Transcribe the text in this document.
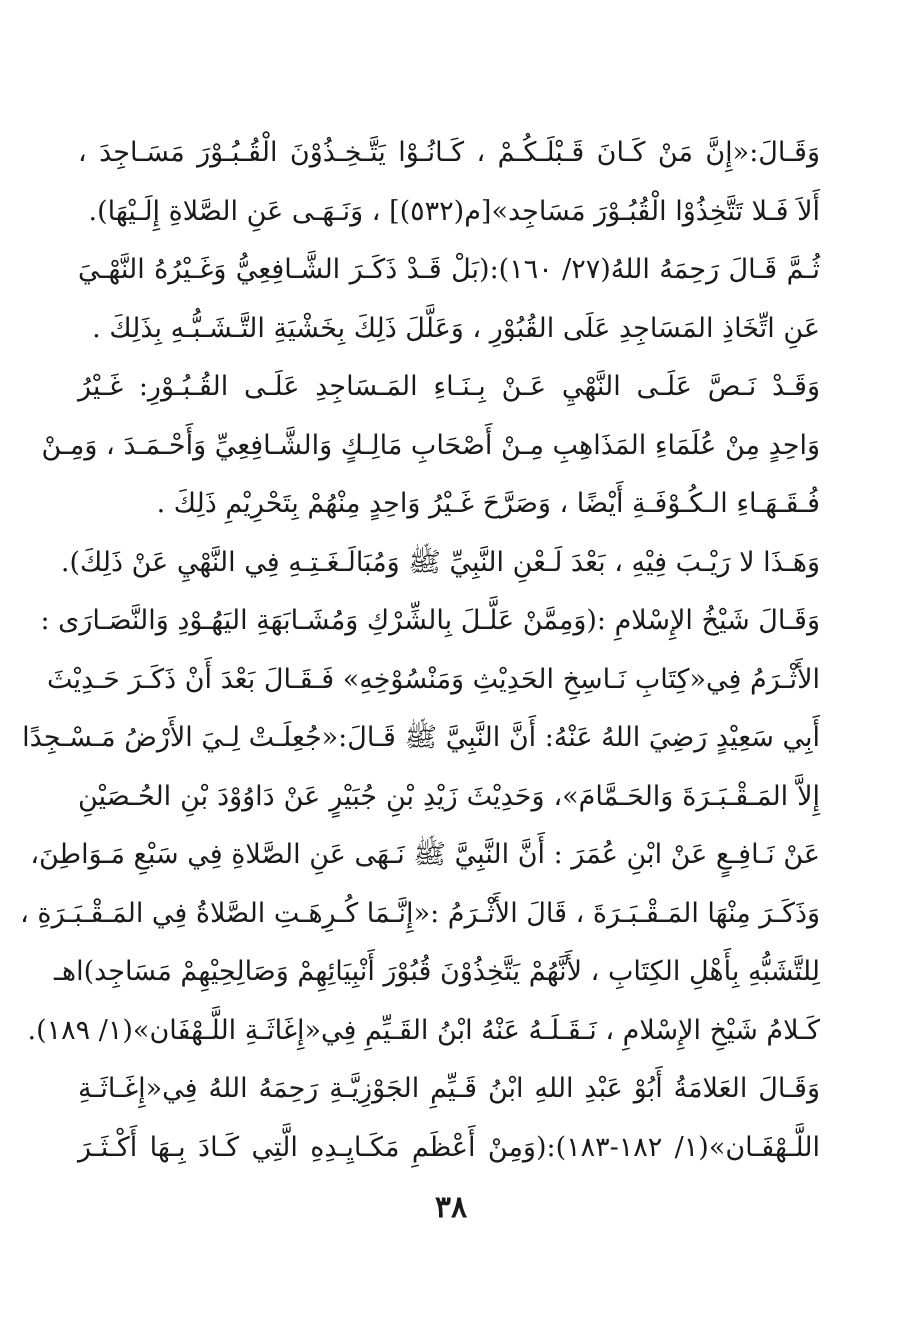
وَقَـالَ:«إِنَّ مَنْ كَـانَ قَـبْلَـكُـمْ ، كَـانُـوْا يَتَّـخِـذُوْنَ الْقُـبُـوْرَ مَسَـاجِدَ ،
أَلاَ فَـلا تَتَّخِذُوْا الْقُبُـوْرَ مَسَاجِد»[م(٥٣٢)] ، وَنَـهَـى عَنِ الصَّلاةِ إِلَـيْهَا).
ثُـمَّ قَـالَ رَحِمَهُ اللهُ(٢٧/ ١٦٠):(بَلْ قَـدْ ذَكَـرَ الشَّـافِعِيُّ وَغَـيْرُهُ النَّهْـيَ
عَنِ اتِّخَاذِ المَسَاجِدِ عَلَى القُبُوْرِ ، وَعَلَّلَ ذَلِكَ بِخَشْيَةِ التَّـشَـبُّـهِ بِذَلِكَ .
وَقَـدْ نَـصَّ عَلَـى النَّهْيِ عَـنْ بِـنَـاءِ المَـسَاجِدِ عَلَـى القُـبُـوْرِ: غَـيْرُ
وَاحِدٍ مِنْ عُلَمَاءِ المَذَاهِبِ مِـنْ أَصْحَابِ مَالِـكٍ وَالشَّـافِعِيِّ وَأَحْـمَـدَ ، وَمِـنْ
فُـقَـهَـاءِ الـكُـوْفَـةِ أَيْضًا ، وَصَرَّحَ غَـيْرُ وَاحِدٍ مِنْهُمْ بِتَحْرِيْمِ ذَلِكَ .
وَهَـذَا لا رَيْـبَ فِيْهِ ، بَعْدَ لَـعْنِ النَّبِيِّ ﷺ وَمُبَالَـغَـتِـهِ فِي النَّهْيِ عَنْ ذَلِكَ).
وَقَـالَ شَيْخُ الإِسْلامِ :(وَمِمَّنْ عَلَّـلَ بِالشِّرْكِ وَمُشَـابَهَةِ اليَهُـوْدِ وَالنَّصَـارَى :
الأَثْـرَمُ فِي«كِتَابِ نَـاسِخِ الحَدِيْثِ وَمَنْسُوْخِهِ» فَـقَـالَ بَعْدَ أَنْ ذَكَـرَ حَـدِيْثَ
أَبِي سَعِيْدٍ رَضِيَ اللهُ عَنْهُ: أَنَّ النَّبِيَّ ﷺ قَـالَ:«جُعِلَـتْ لِـيَ الأَرْضُ مَـسْـجِدًا
إِلاَّ المَـقْـبَـرَةَ وَالحَـمَّامَ»، وَحَدِيْثَ زَيْدِ بْنِ جُبَيْرٍ عَنْ دَاوُوْدَ بْنِ الحُـصَيْنِ
عَنْ نَـافِـعٍ عَنْ ابْنِ عُمَرَ : أَنَّ النَّبِيَّ ﷺ نَـهَى عَنِ الصَّلاةِ فِي سَبْعِ مَـوَاطِنَ،
وَذَكَـرَ مِنْهَا المَـقْـبَـرَةَ ، قَالَ الأَثْـرَمُ :«إِنَّـمَا كُـرِهَـتِ الصَّلاةُ فِي المَـقْـبَـرَةِ ،
لِلتَّشَبُّهِ بِأَهْلِ الكِتَابِ ، لأَنَّهُمْ يَتَّخِذُوْنَ قُبُوْرَ أَنْبِيَائِهِمْ وَصَالِحِيْهِمْ مَسَاجِد)اهـ
كَـلامُ شَيْخِ الإِسْلامِ ، نَـقَـلَـهُ عَنْهُ ابْنُ القَـيِّمِ فِي«إِغَاثَـةِ اللَّـهْفَان»(١/ ١٨٩).
وَقَـالَ العَلامَةُ أَبُوْ عَبْدِ اللهِ ابْنُ قَـيِّمِ الجَوْزِيَّـةِ رَحِمَهُ اللهُ فِي«إِغَـاثَـةِ
اللَّـهْفَـان»(١/ ١٨٢-١٨٣):(وَمِنْ أَعْظَمِ مَكَـايِـدِهِ الَّتِي كَـادَ بِـهَا أَكْـثَـرَ
٣٨
